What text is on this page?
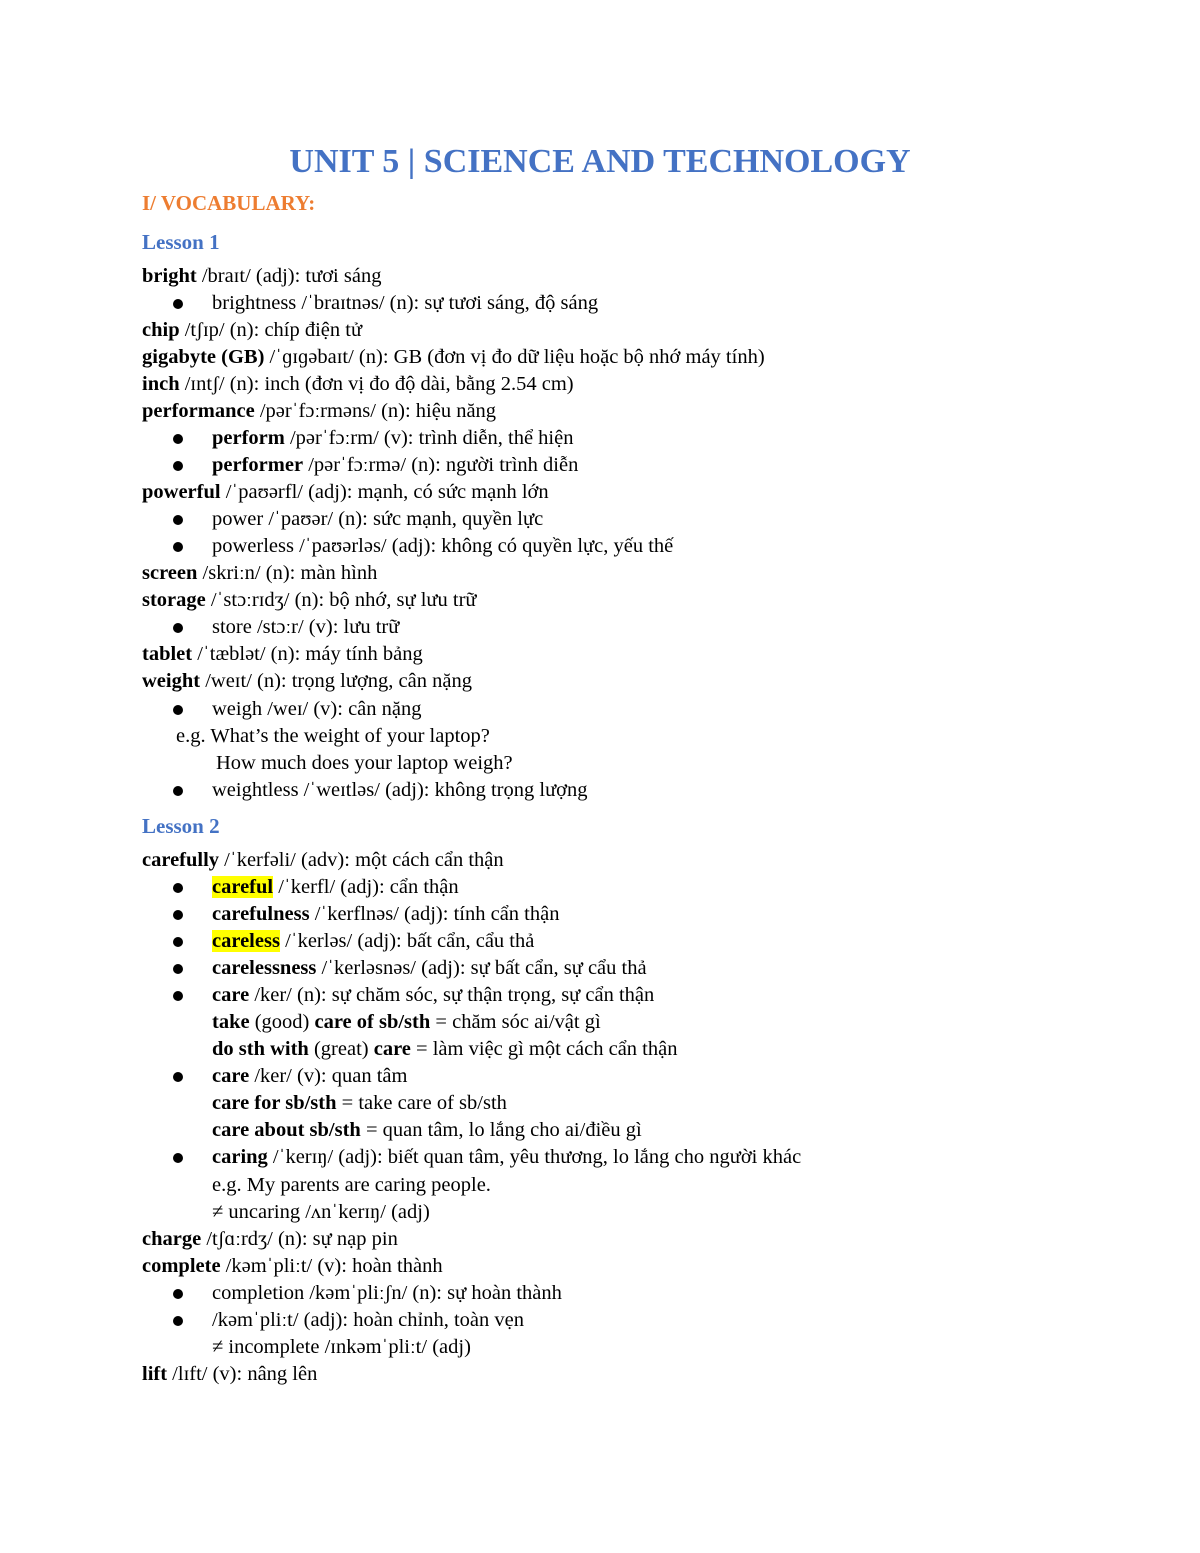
UNIT 5 | SCIENCE AND TECHNOLOGY
I/ VOCABULARY:
Lesson 1
bright /braɪt/ (adj): tươi sáng
brightness /ˈbraɪtnəs/ (n): sự tươi sáng, độ sáng
chip /tʃɪp/ (n): chíp điện tử
gigabyte (GB) /ˈɡɪɡəbaɪt/ (n): GB (đơn vị đo dữ liệu hoặc bộ nhớ máy tính)
inch /ɪntʃ/ (n): inch (đơn vị đo độ dài, bằng 2.54 cm)
performance /pərˈfɔːrməns/ (n): hiệu năng
perform /pərˈfɔːrm/ (v): trình diễn, thể hiện
performer /pərˈfɔːrmə/ (n): người trình diễn
powerful /ˈpaʊərfl/ (adj): mạnh, có sức mạnh lớn
power /ˈpaʊər/ (n): sức mạnh, quyền lực
powerless /ˈpaʊərləs/ (adj): không có quyền lực, yếu thế
screen /skriːn/ (n): màn hình
storage /ˈstɔːrɪdʒ/ (n): bộ nhớ, sự lưu trữ
store /stɔːr/ (v): lưu trữ
tablet /ˈtæblət/ (n): máy tính bảng
weight /weɪt/ (n): trọng lượng, cân nặng
weigh /weɪ/ (v): cân nặng
e.g. What’s the weight of your laptop?
How much does your laptop weigh?
weightless /ˈweɪtləs/ (adj): không trọng lượng
Lesson 2
carefully /ˈkerfəli/ (adv): một cách cẩn thận
careful /ˈkerfl/ (adj): cẩn thận
carefulness /ˈkerflnəs/ (adj): tính cẩn thận
careless /ˈkerləs/ (adj): bất cẩn, cẩu thả
carelessness /ˈkerləsnəs/ (adj): sự bất cẩn, sự cẩu thả
care /ker/ (n): sự chăm sóc, sự thận trọng, sự cẩn thận
take (good) care of sb/sth = chăm sóc ai/vật gì
do sth with (great) care = làm việc gì một cách cẩn thận
care /ker/ (v): quan tâm
care for sb/sth = take care of sb/sth
care about sb/sth = quan tâm, lo lắng cho ai/điều gì
caring /ˈkerɪŋ/ (adj): biết quan tâm, yêu thương, lo lắng cho người khác
e.g. My parents are caring people.
≠ uncaring /ʌnˈkerɪŋ/ (adj)
charge /tʃɑːrdʒ/ (n): sự nạp pin
complete /kəmˈpliːt/ (v): hoàn thành
completion /kəmˈpliːʃn/ (n): sự hoàn thành
/kəmˈpliːt/ (adj): hoàn chỉnh, toàn vẹn
≠ incomplete /ɪnkəmˈpliːt/ (adj)
lift /lɪft/ (v): nâng lên
